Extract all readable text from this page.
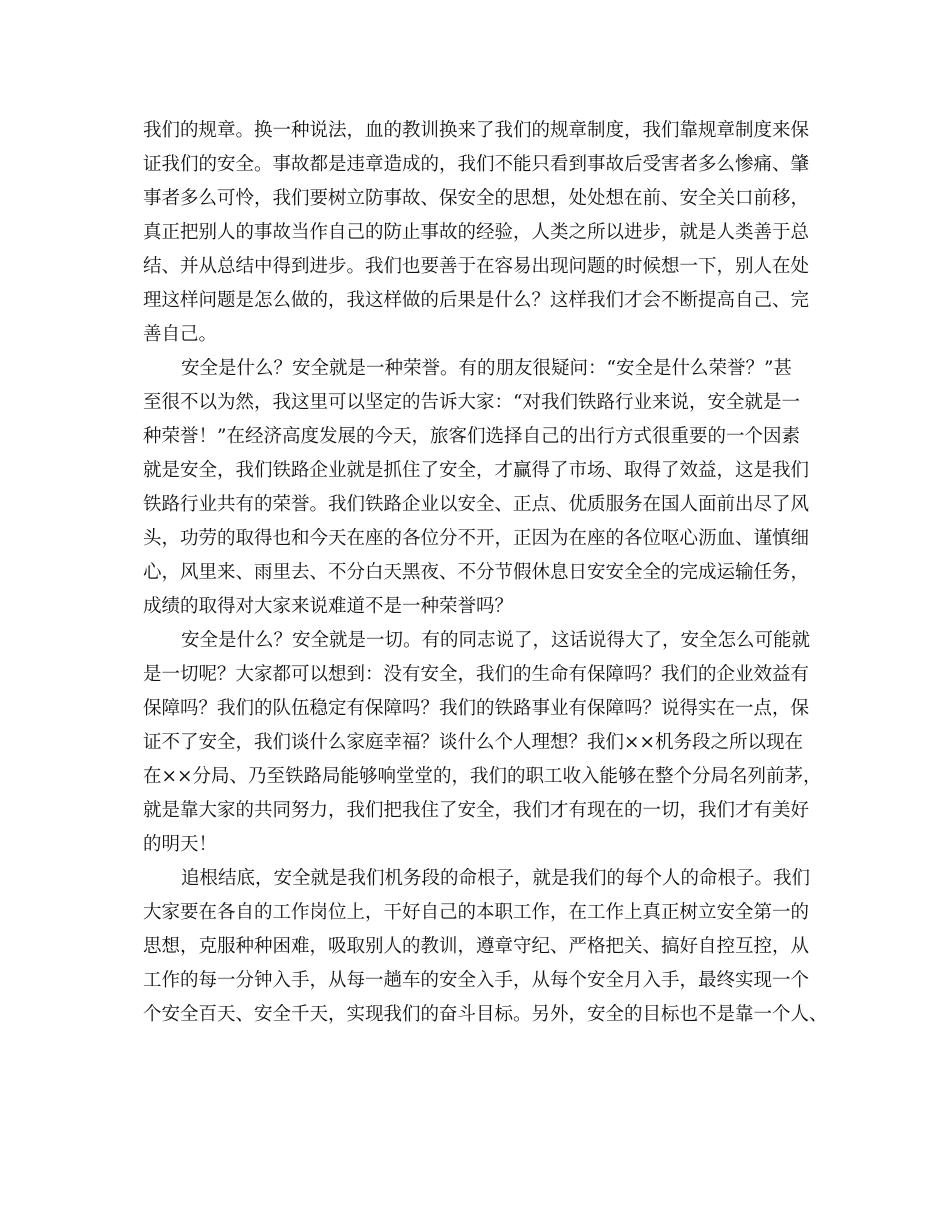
我们的规章。换一种说法，血的教训换来了我们的规章制度，我们靠规章制度来保
证我们的安全。事故都是违章造成的，我们不能只看到事故后受害者多么惨痛、肇
事者多么可怜，我们要树立防事故、保安全的思想，处处想在前、安全关口前移，
真正把别人的事故当作自己的防止事故的经验，人类之所以进步，就是人类善于总
结、并从总结中得到进步。我们也要善于在容易出现问题的时候想一下，别人在处
理这样问题是怎么做的，我这样做的后果是什么？这样我们才会不断提高自己、完
善自己。
安全是什么？安全就是一种荣誉。有的朋友很疑问：“安全是什么荣誉？”甚
至很不以为然，我这里可以坚定的告诉大家：“对我们铁路行业来说，安全就是一
种荣誉！”在经济高度发展的今天，旅客们选择自己的出行方式很重要的一个因素
就是安全，我们铁路企业就是抓住了安全，才赢得了市场、取得了效益，这是我们
铁路行业共有的荣誉。我们铁路企业以安全、正点、优质服务在国人面前出尽了风
头，功劳的取得也和今天在座的各位分不开，正因为在座的各位呕心沥血、谨慎细
心，风里来、雨里去、不分白天黑夜、不分节假休息日安安全全的完成运输任务，
成绩的取得对大家来说难道不是一种荣誉吗？
安全是什么？安全就是一切。有的同志说了，这话说得大了，安全怎么可能就
是一切呢？大家都可以想到：没有安全，我们的生命有保障吗？我们的企业效益有
保障吗？我们的队伍稳定有保障吗？我们的铁路事业有保障吗？说得实在一点，保
证不了安全，我们谈什么家庭幸福？谈什么个人理想？我们××机务段之所以现在
在××分局、乃至铁路局能够响堂堂的，我们的职工收入能够在整个分局名列前茅，
就是靠大家的共同努力，我们把我住了安全，我们才有现在的一切，我们才有美好
的明天！
追根结底，安全就是我们机务段的命根子，就是我们的每个人的命根子。我们
大家要在各自的工作岗位上，干好自己的本职工作，在工作上真正树立安全第一的
思想，克服种种困难，吸取别人的教训，遵章守纪、严格把关、搞好自控互控，从
工作的每一分钟入手，从每一趟车的安全入手，从每个安全月入手，最终实现一个
个安全百天、安全千天，实现我们的奋斗目标。另外，安全的目标也不是靠一个人、
